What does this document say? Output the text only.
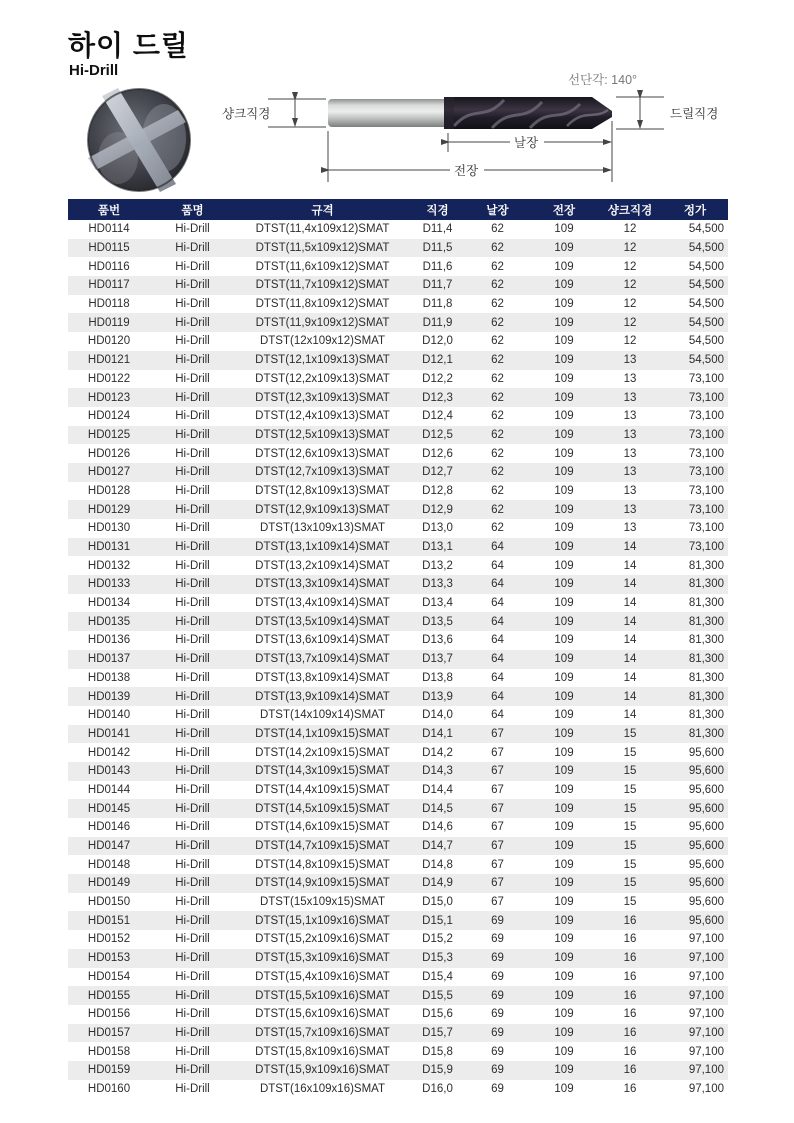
하이 드릴
Hi-Drill
선단각: 140°
샹크직경	드릴직경
날장
전장
품번	품명	규격	직경	날장	전장	샹크직경	정가
HD0114	Hi-Drill	DTST(11,4x109x12)SMAT	D11,4	62	109	12	54,500
HD0115	Hi-Drill	DTST(11,5x109x12)SMAT	D11,5	62	109	12	54,500
HD0116	Hi-Drill	DTST(11,6x109x12)SMAT	D11,6	62	109	12	54,500
HD0117	Hi-Drill	DTST(11,7x109x12)SMAT	D11,7	62	109	12	54,500
HD0118	Hi-Drill	DTST(11,8x109x12)SMAT	D11,8	62	109	12	54,500
HD0119	Hi-Drill	DTST(11,9x109x12)SMAT	D11,9	62	109	12	54,500
HD0120	Hi-Drill	DTST(12x109x12)SMAT	D12,0	62	109	12	54,500
HD0121	Hi-Drill	DTST(12,1x109x13)SMAT	D12,1	62	109	13	54,500
HD0122	Hi-Drill	DTST(12,2x109x13)SMAT	D12,2	62	109	13	73,100
HD0123	Hi-Drill	DTST(12,3x109x13)SMAT	D12,3	62	109	13	73,100
HD0124	Hi-Drill	DTST(12,4x109x13)SMAT	D12,4	62	109	13	73,100
HD0125	Hi-Drill	DTST(12,5x109x13)SMAT	D12,5	62	109	13	73,100
HD0126	Hi-Drill	DTST(12,6x109x13)SMAT	D12,6	62	109	13	73,100
HD0127	Hi-Drill	DTST(12,7x109x13)SMAT	D12,7	62	109	13	73,100
HD0128	Hi-Drill	DTST(12,8x109x13)SMAT	D12,8	62	109	13	73,100
HD0129	Hi-Drill	DTST(12,9x109x13)SMAT	D12,9	62	109	13	73,100
HD0130	Hi-Drill	DTST(13x109x13)SMAT	D13,0	62	109	13	73,100
HD0131	Hi-Drill	DTST(13,1x109x14)SMAT	D13,1	64	109	14	73,100
HD0132	Hi-Drill	DTST(13,2x109x14)SMAT	D13,2	64	109	14	81,300
HD0133	Hi-Drill	DTST(13,3x109x14)SMAT	D13,3	64	109	14	81,300
HD0134	Hi-Drill	DTST(13,4x109x14)SMAT	D13,4	64	109	14	81,300
HD0135	Hi-Drill	DTST(13,5x109x14)SMAT	D13,5	64	109	14	81,300
HD0136	Hi-Drill	DTST(13,6x109x14)SMAT	D13,6	64	109	14	81,300
HD0137	Hi-Drill	DTST(13,7x109x14)SMAT	D13,7	64	109	14	81,300
HD0138	Hi-Drill	DTST(13,8x109x14)SMAT	D13,8	64	109	14	81,300
HD0139	Hi-Drill	DTST(13,9x109x14)SMAT	D13,9	64	109	14	81,300
HD0140	Hi-Drill	DTST(14x109x14)SMAT	D14,0	64	109	14	81,300
HD0141	Hi-Drill	DTST(14,1x109x15)SMAT	D14,1	67	109	15	81,300
HD0142	Hi-Drill	DTST(14,2x109x15)SMAT	D14,2	67	109	15	95,600
HD0143	Hi-Drill	DTST(14,3x109x15)SMAT	D14,3	67	109	15	95,600
HD0144	Hi-Drill	DTST(14,4x109x15)SMAT	D14,4	67	109	15	95,600
HD0145	Hi-Drill	DTST(14,5x109x15)SMAT	D14,5	67	109	15	95,600
HD0146	Hi-Drill	DTST(14,6x109x15)SMAT	D14,6	67	109	15	95,600
HD0147	Hi-Drill	DTST(14,7x109x15)SMAT	D14,7	67	109	15	95,600
HD0148	Hi-Drill	DTST(14,8x109x15)SMAT	D14,8	67	109	15	95,600
HD0149	Hi-Drill	DTST(14,9x109x15)SMAT	D14,9	67	109	15	95,600
HD0150	Hi-Drill	DTST(15x109x15)SMAT	D15,0	67	109	15	95,600
HD0151	Hi-Drill	DTST(15,1x109x16)SMAT	D15,1	69	109	16	95,600
HD0152	Hi-Drill	DTST(15,2x109x16)SMAT	D15,2	69	109	16	97,100
HD0153	Hi-Drill	DTST(15,3x109x16)SMAT	D15,3	69	109	16	97,100
HD0154	Hi-Drill	DTST(15,4x109x16)SMAT	D15,4	69	109	16	97,100
HD0155	Hi-Drill	DTST(15,5x109x16)SMAT	D15,5	69	109	16	97,100
HD0156	Hi-Drill	DTST(15,6x109x16)SMAT	D15,6	69	109	16	97,100
HD0157	Hi-Drill	DTST(15,7x109x16)SMAT	D15,7	69	109	16	97,100
HD0158	Hi-Drill	DTST(15,8x109x16)SMAT	D15,8	69	109	16	97,100
HD0159	Hi-Drill	DTST(15,9x109x16)SMAT	D15,9	69	109	16	97,100
HD0160	Hi-Drill	DTST(16x109x16)SMAT	D16,0	69	109	16	97,100
